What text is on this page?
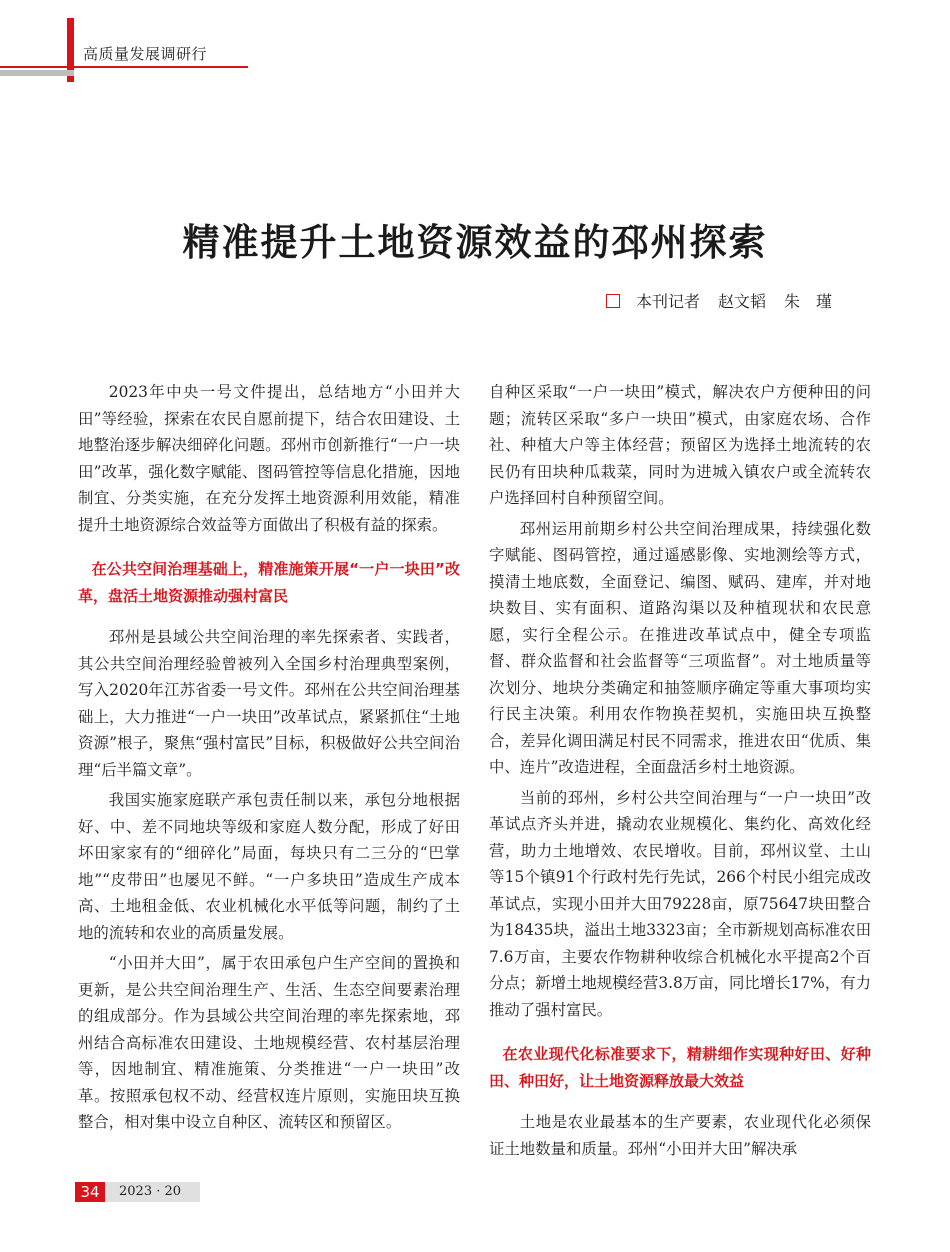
高质量发展调研行
精准提升土地资源效益的邳州探索
本刊记者 赵文韬 朱　瑾

2023年中央一号文件提出，总结地方“小田并大田”等经验，探索在农民自愿前提下，结合农田建设、土地整治逐步解决细碎化问题。邳州市创新推行“一户一块田”改革，强化数字赋能、图码管控等信息化措施，因地制宜、分类实施，在充分发挥土地资源利用效能，精准提升土地资源综合效益等方面做出了积极有益的探索。

在公共空间治理基础上，精准施策开展“一户一块田”改革，盘活土地资源推动强村富民

邳州是县域公共空间治理的率先探索者、实践者，其公共空间治理经验曾被列入全国乡村治理典型案例，写入2020年江苏省委一号文件。邳州在公共空间治理基础上，大力推进“一户一块田”改革试点，紧紧抓住“土地资源”根子，聚焦“强村富民”目标，积极做好公共空间治理“后半篇文章”。

我国实施家庭联产承包责任制以来，承包分地根据好、中、差不同地块等级和家庭人数分配，形成了好田坏田家家有的“细碎化”局面，每块只有二三分的“巴掌地”“皮带田”也屡见不鲜。“一户多块田”造成生产成本高、土地租金低、农业机械化水平低等问题，制约了土地的流转和农业的高质量发展。

“小田并大田”，属于农田承包户生产空间的置换和更新，是公共空间治理生产、生活、生态空间要素治理的组成部分。作为县域公共空间治理的率先探索地，邳州结合高标准农田建设、土地规模经营、农村基层治理等，因地制宜、精准施策、分类推进“一户一块田”改革。按照承包权不动、经营权连片原则，实施田块互换整合，相对集中设立自种区、流转区和预留区。

自种区采取“一户一块田”模式，解决农户方便种田的问题；流转区采取“多户一块田”模式，由家庭农场、合作社、种植大户等主体经营；预留区为选择土地流转的农民仍有田块种瓜栽菜，同时为进城入镇农户或全流转农户选择回村自种预留空间。

邳州运用前期乡村公共空间治理成果，持续强化数字赋能、图码管控，通过遥感影像、实地测绘等方式，摸清土地底数，全面登记、编图、赋码、建库，并对地块数目、实有面积、道路沟渠以及种植现状和农民意愿，实行全程公示。在推进改革试点中，健全专项监督、群众监督和社会监督等“三项监督”。对土地质量等次划分、地块分类确定和抽签顺序确定等重大事项均实行民主决策。利用农作物换茬契机，实施田块互换整合，差异化调田满足村民不同需求，推进农田“优质、集中、连片”改造进程，全面盘活乡村土地资源。

当前的邳州，乡村公共空间治理与“一户一块田”改革试点齐头并进，撬动农业规模化、集约化、高效化经营，助力土地增效、农民增收。目前，邳州议堂、土山等15个镇91个行政村先行先试，266个村民小组完成改革试点，实现小田并大田79228亩，原75647块田整合为18435块，溢出土地3323亩；全市新规划高标准农田7.6万亩，主要农作物耕种收综合机械化水平提高2个百分点；新增土地规模经营3.8万亩，同比增长17%，有力推动了强村富民。

在农业现代化标准要求下，精耕细作实现种好田、好种田、种田好，让土地资源释放最大效益

土地是农业最基本的生产要素，农业现代化必须保证土地数量和质量。邳州“小田并大田”解决承

34	2023 · 20
